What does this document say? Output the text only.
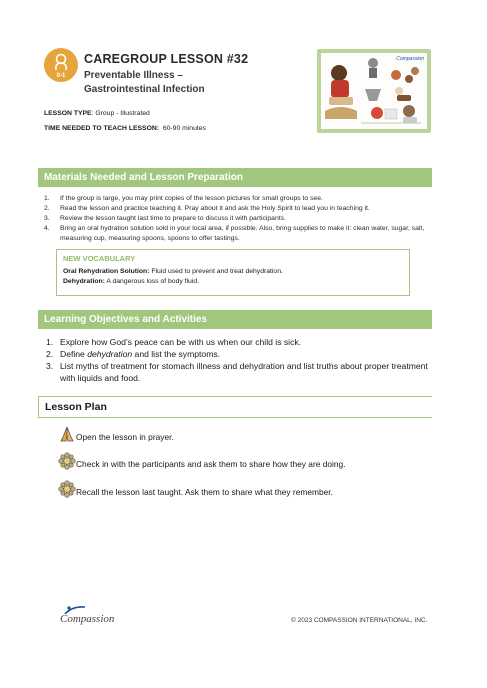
0-1
CAREGROUP LESSON #32
Preventable Illness –
Gastrointestinal Infection
Compassion
LESSON TYPE: Group - Illustrated
TIME NEEDED TO TEACH LESSON: 60-90 minutes
Materials Needed and Lesson Preparation
1. If the group is large, you may print copies of the lesson pictures for small groups to see.
2. Read the lesson and practice teaching it. Pray about it and ask the Holy Spirit to lead you in teaching it.
3. Review the lesson taught last time to prepare to discuss it with participants.
4. Bring an oral hydration solution sold in your local area, if possible. Also, bring supplies to make it: clean water, sugar, salt, measuring cup, measuring spoons, spoons to offer tastings.
NEW VOCABULARY
Oral Rehydration Solution: Fluid used to prevent and treat dehydration.
Dehydration: A dangerous loss of body fluid.
Learning Objectives and Activities
1. Explore how God’s peace can be with us when our child is sick.
2. Define dehydration and list the symptoms.
3. List myths of treatment for stomach illness and dehydration and list truths about proper treatment with liquids and food.
Lesson Plan
Open the lesson in prayer.
Check in with the participants and ask them to share how they are doing.
Recall the lesson last taught. Ask them to share what they remember.
Compassion	© 2023 COMPASSION INTERNATIONAL, INC.
